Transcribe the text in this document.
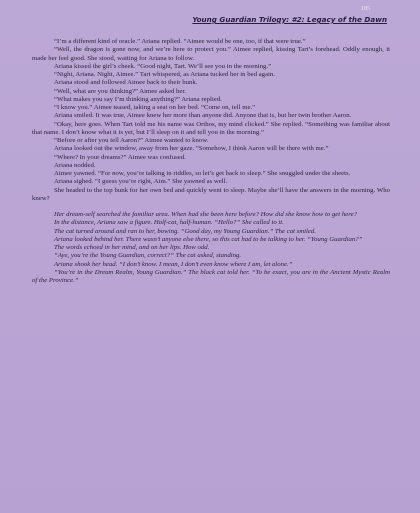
185
Young Guardian Trilogy: #2: Legacy of the Dawn

“I’m a different kind of oracle.” Ariana replied. “Aimee would be one, too, if that were true.”

“Well, the dragon is gone now, and we’re here to protect you.” Aimee replied, kissing Tart’s forehead. Oddly enough, it made her feel good. She stood, waiting for Ariana to follow.

Ariana kissed the girl’s cheek. “Good night, Tart. We’ll see you in the morning.”

“Night, Ariana. Night, Aimee.” Tart whispered, as Ariana tucked her in bed again.

Ariana stood and followed Aimee back to their bunk.

“Well, what are you thinking?” Aimee asked her.

“What makes you say I’m thinking anything?” Ariana replied.

“I know you.” Aimee teased, taking a seat on her bed. “Come on, tell me.”

Ariana smiled. It was true, Aimee knew her more than anyone did. Anyone that is, but her twin brother Aaron.

“Okay, here goes. When Tart told me his name was Orthos, my mind clicked.” She replied. “Something was familiar about that name. I don’t know what it is yet, but I’ll sleep on it and tell you in the morning.”

“Before or after you tell Aaron?” Aimee wanted to know.

Ariana looked out the window, away from her gaze. “Somehow, I think Aaron will be there with me.”

“Where? In your dreams?” Aimee was confused.

Ariana nodded.

Aimee yawned. “For now, you’re talking in riddles, so let’s get back to sleep.” She snuggled under the sheets.

Ariana sighed. “I guess you’re right, Aim.” She yawned as well.

She headed to the top bunk for her own bed and quickly went to sleep. Maybe she’ll have the answers in the morning. Who knew?

Her dream-self searched the familiar area. When had she been here before? How did she know how to get here?

In the distance, Ariana saw a figure. Half-cat, half-human. “Hello?” She called to it.

The cat turned around and ran to her, bowing. “Good day, my Young Guardian.” The cat smiled.

Ariana looked behind her. There wasn’t anyone else there, so this cat had to be talking to her. “Young Guardian?”

The words echoed in her mind, and on her lips. How odd.

“Aye, you’re the Young Guardian, correct?” The cat asked, standing.

Ariana shook her head. “I don’t know. I mean, I don’t even know where I am, let alone.”

“You’re in the Dream Realm, Young Guardian.” The black cat told her. “To be exact, you are in the Ancient Mystic Realm of the Province.”
